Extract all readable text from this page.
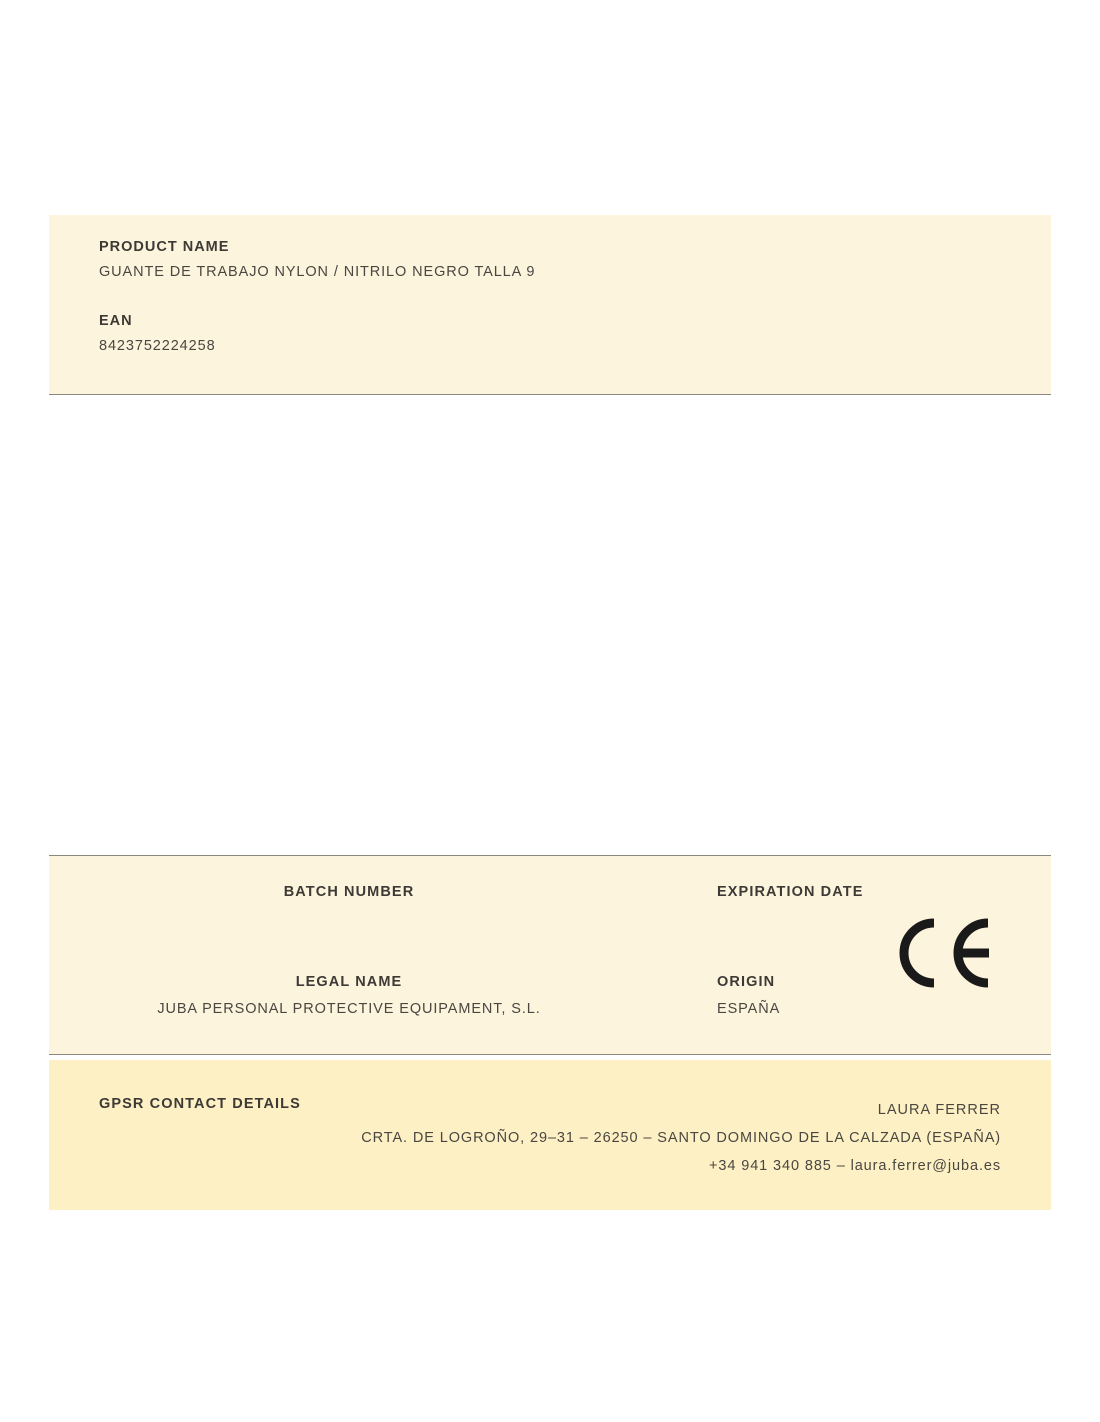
PRODUCT NAME
GUANTE DE TRABAJO NYLON / NITRILO NEGRO TALLA 9
EAN
8423752224258
BATCH NUMBER	EXPIRATION DATE
LEGAL NAME
JUBA PERSONAL PROTECTIVE EQUIPAMENT, S.L.
ORIGIN
ESPAÑA
GPSR CONTACT DETAILS	LAURA FERRER
CRTA. DE LOGROÑO, 29–31 – 26250 – SANTO DOMINGO DE LA CALZADA (ESPAÑA)
+34 941 340 885 – laura.ferrer@juba.es
